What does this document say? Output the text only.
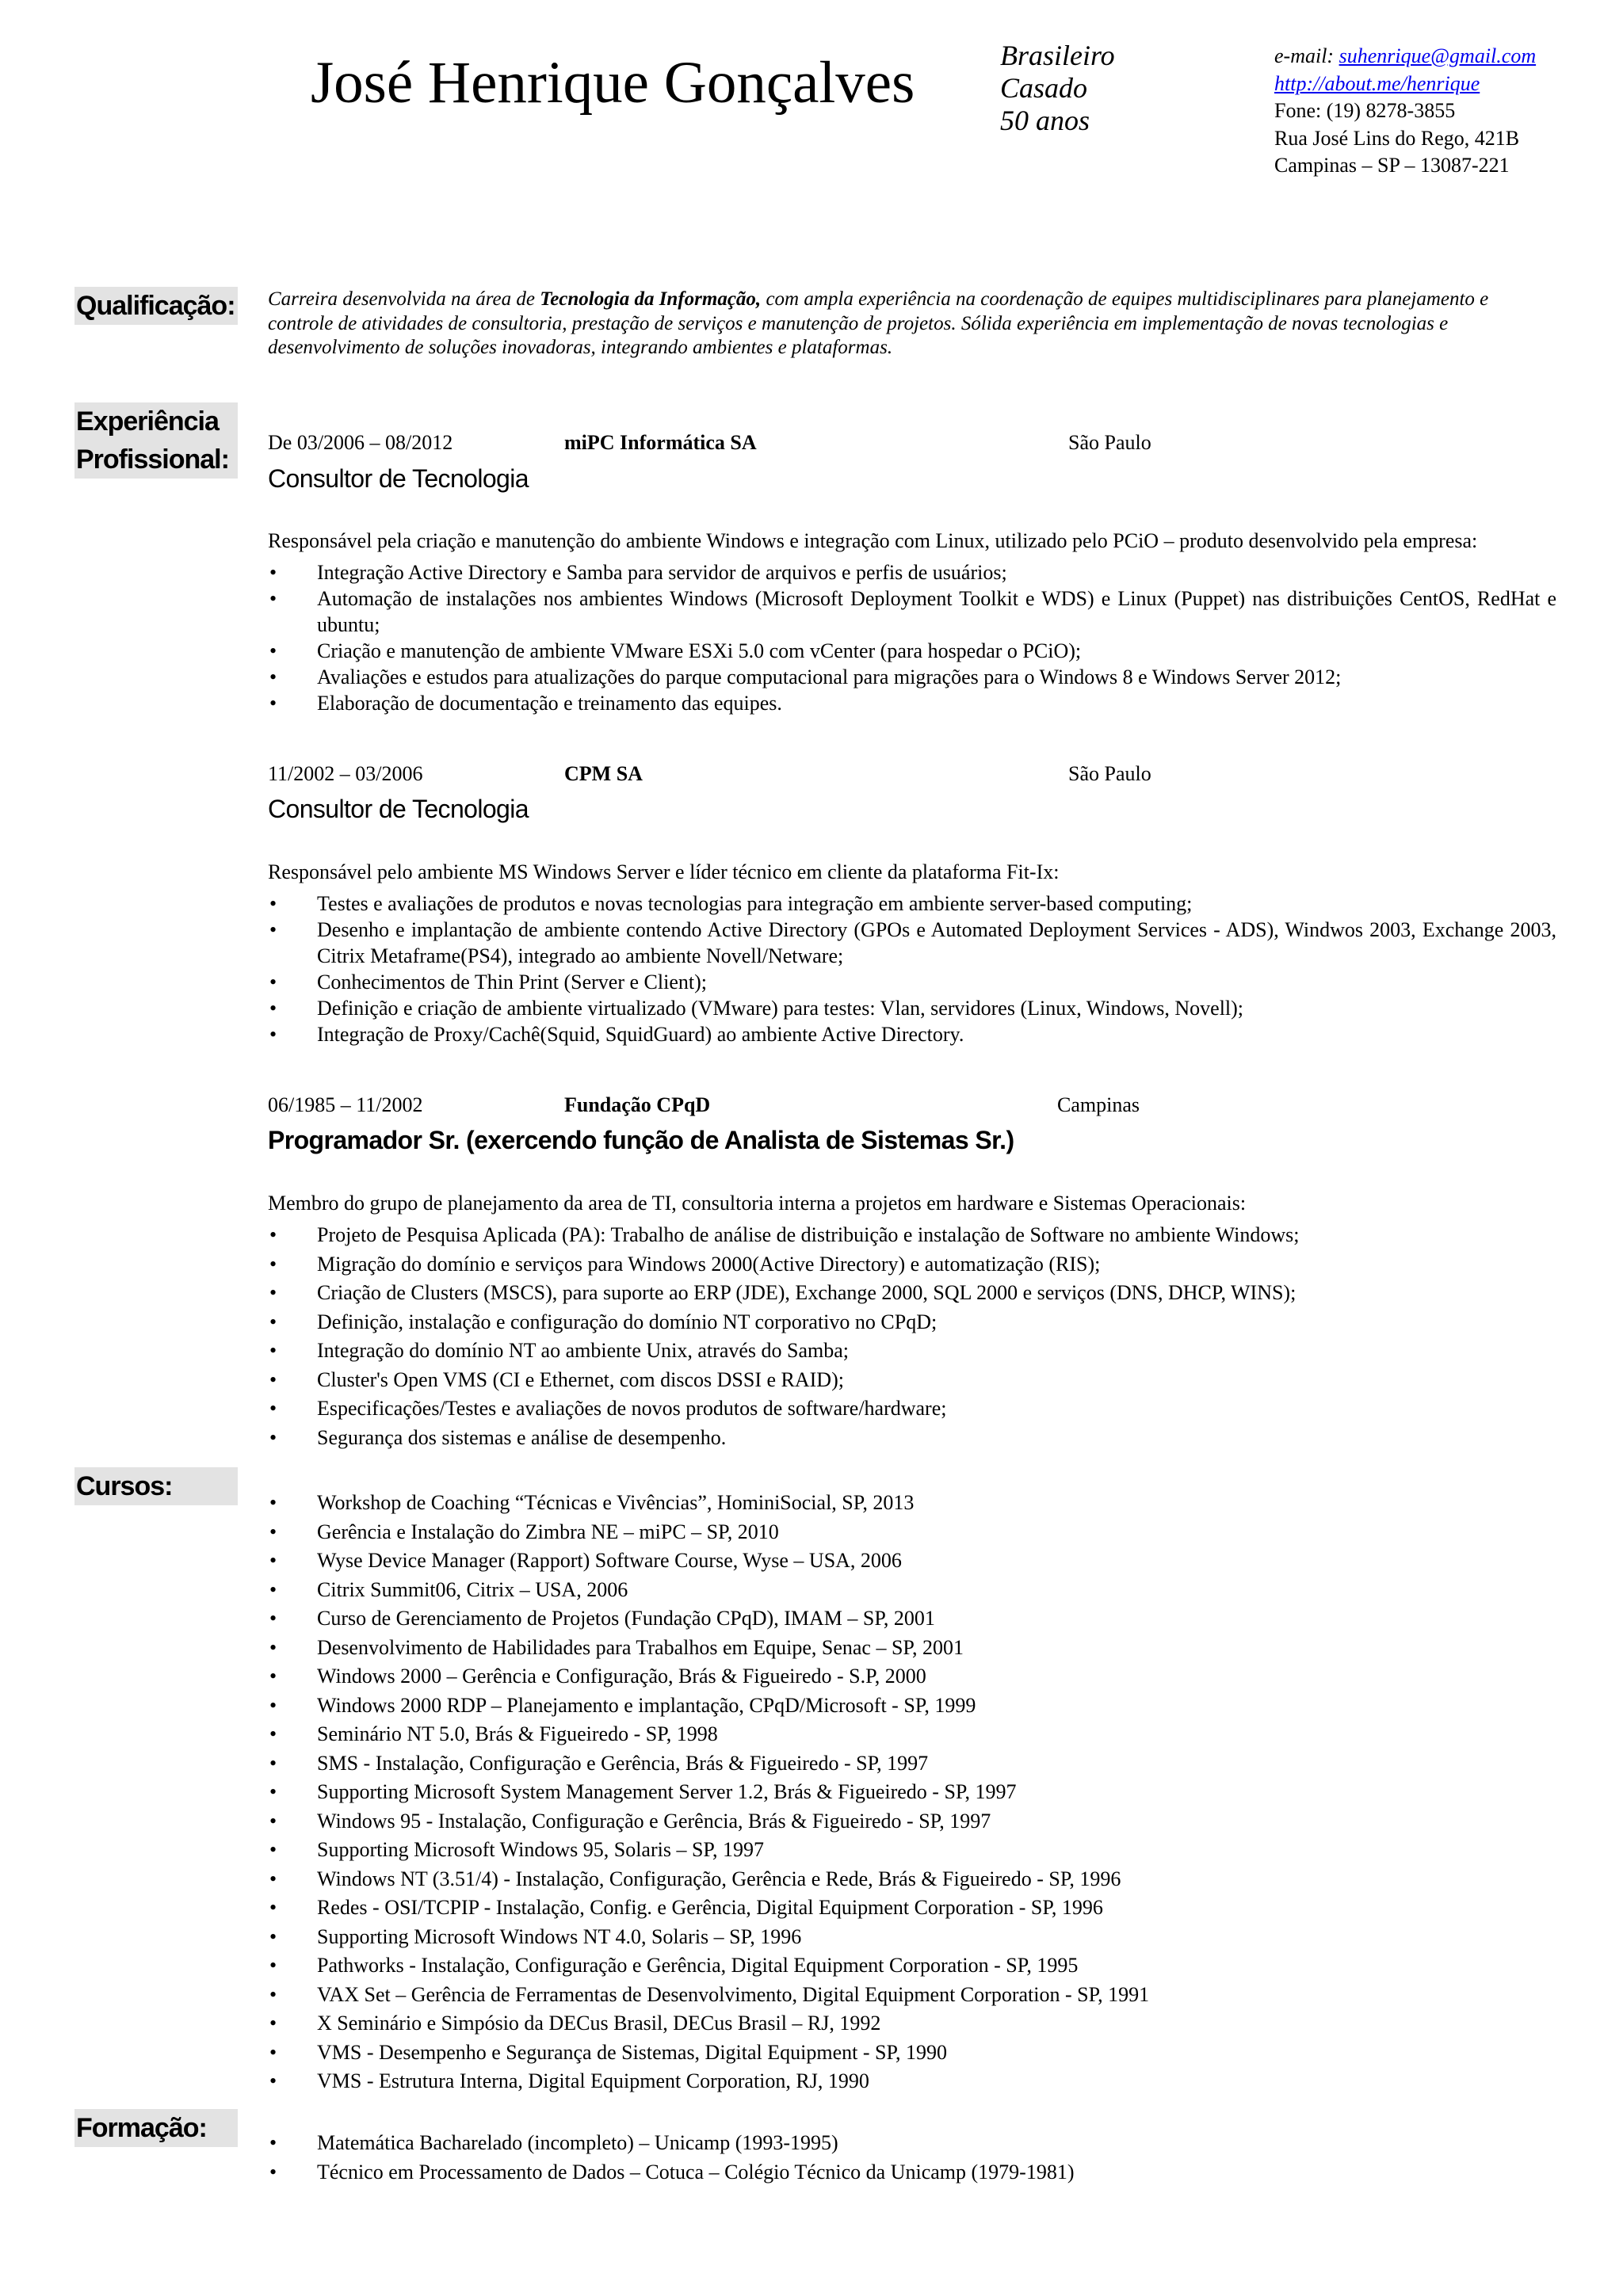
José Henrique Gonçalves	Brasileiro
Casado
50 anos
e-mail: suhenrique@gmail.com
http://about.me/henrique
Fone: (19) 8278-3855
Rua José Lins do Rego, 421B
Campinas – SP – 13087-221
Qualificação: Carreira desenvolvida na área de Tecnologia da Informação, com ampla experiência na coordenação de equipes multidisciplinares para planejamento e controle de atividades de consultoria, prestação de serviços e manutenção de projetos. Sólida experiência em implementação de novas tecnologias e desenvolvimento de soluções inovadoras, integrando ambientes e plataformas.
Experiência
Profissional:
De 03/2006 – 08/2012	miPC Informática SA	São Paulo
Consultor de Tecnologia
Responsável pela criação e manutenção do ambiente Windows e integração com Linux, utilizado pelo PCiO – produto desenvolvido pela empresa:
• Integração Active Directory e Samba para servidor de arquivos e perfis de usuários;
• Automação de instalações nos ambientes Windows (Microsoft Deployment Toolkit e WDS) e Linux (Puppet) nas distribuições CentOS, RedHat e ubuntu;
• Criação e manutenção de ambiente VMware ESXi 5.0 com vCenter (para hospedar o PCiO);
• Avaliações e estudos para atualizações do parque computacional para migrações para o Windows 8 e Windows Server 2012;
• Elaboração de documentação e treinamento das equipes.
11/2002 – 03/2006	CPM SA	São Paulo
Consultor de Tecnologia
Responsável pelo ambiente MS Windows Server e líder técnico em cliente da plataforma Fit-Ix:
• Testes e avaliações de produtos e novas tecnologias para integração em ambiente server-based computing;
• Desenho e implantação de ambiente contendo Active Directory (GPOs e Automated Deployment Services - ADS), Windwos 2003, Exchange 2003, Citrix Metaframe(PS4), integrado ao ambiente Novell/Netware;
• Conhecimentos de Thin Print (Server e Client);
• Definição e criação de ambiente virtualizado (VMware) para testes: Vlan, servidores (Linux, Windows, Novell);
• Integração de Proxy/Cachê(Squid, SquidGuard) ao ambiente Active Directory.
06/1985 – 11/2002	Fundação CPqD	Campinas
Programador Sr. (exercendo função de Analista de Sistemas Sr.)
Membro do grupo de planejamento da area de TI, consultoria interna a projetos em hardware e Sistemas Operacionais:
• Projeto de Pesquisa Aplicada (PA): Trabalho de análise de distribuição e instalação de Software no ambiente Windows;
• Migração do domínio e serviços para Windows 2000(Active Directory) e automatização (RIS);
• Criação de Clusters (MSCS), para suporte ao ERP (JDE), Exchange 2000, SQL 2000 e serviços (DNS, DHCP, WINS);
• Definição, instalação e configuração do domínio NT corporativo no CPqD;
• Integração do domínio NT ao ambiente Unix, através do Samba;
• Cluster's Open VMS (CI e Ethernet, com discos DSSI e RAID);
• Especificações/Testes e avaliações de novos produtos de software/hardware;
• Segurança dos sistemas e análise de desempenho.
Cursos:
• Workshop de Coaching “Técnicas e Vivências”, HominiSocial, SP, 2013
• Gerência e Instalação do Zimbra NE – miPC – SP, 2010
• Wyse Device Manager (Rapport) Software Course, Wyse – USA, 2006
• Citrix Summit06, Citrix – USA, 2006
• Curso de Gerenciamento de Projetos (Fundação CPqD), IMAM – SP, 2001
• Desenvolvimento de Habilidades para Trabalhos em Equipe, Senac – SP, 2001
• Windows 2000 – Gerência e Configuração, Brás & Figueiredo - S.P, 2000
• Windows 2000 RDP – Planejamento e implantação, CPqD/Microsoft - SP, 1999
• Seminário NT 5.0, Brás & Figueiredo - SP, 1998
• SMS - Instalação, Configuração e Gerência, Brás & Figueiredo - SP, 1997
• Supporting Microsoft System Management Server 1.2, Brás & Figueiredo - SP, 1997
• Windows 95 - Instalação, Configuração e Gerência, Brás & Figueiredo - SP, 1997
• Supporting Microsoft Windows 95, Solaris – SP, 1997
• Windows NT (3.51/4) - Instalação, Configuração, Gerência e Rede, Brás & Figueiredo - SP, 1996
• Redes - OSI/TCPIP - Instalação, Config. e Gerência, Digital Equipment Corporation - SP, 1996
• Supporting Microsoft Windows NT 4.0, Solaris – SP, 1996
• Pathworks - Instalação, Configuração e Gerência, Digital Equipment Corporation - SP, 1995
• VAX Set – Gerência de Ferramentas de Desenvolvimento, Digital Equipment Corporation - SP, 1991
• X Seminário e Simpósio da DECus Brasil, DECus Brasil – RJ, 1992
• VMS - Desempenho e Segurança de Sistemas, Digital Equipment - SP, 1990
• VMS - Estrutura Interna, Digital Equipment Corporation, RJ, 1990
Formação:
•	Matemática Bacharelado (incompleto) – Unicamp (1993-1995)
• Técnico em Processamento de Dados – Cotuca – Colégio Técnico da Unicamp (1979-1981)
